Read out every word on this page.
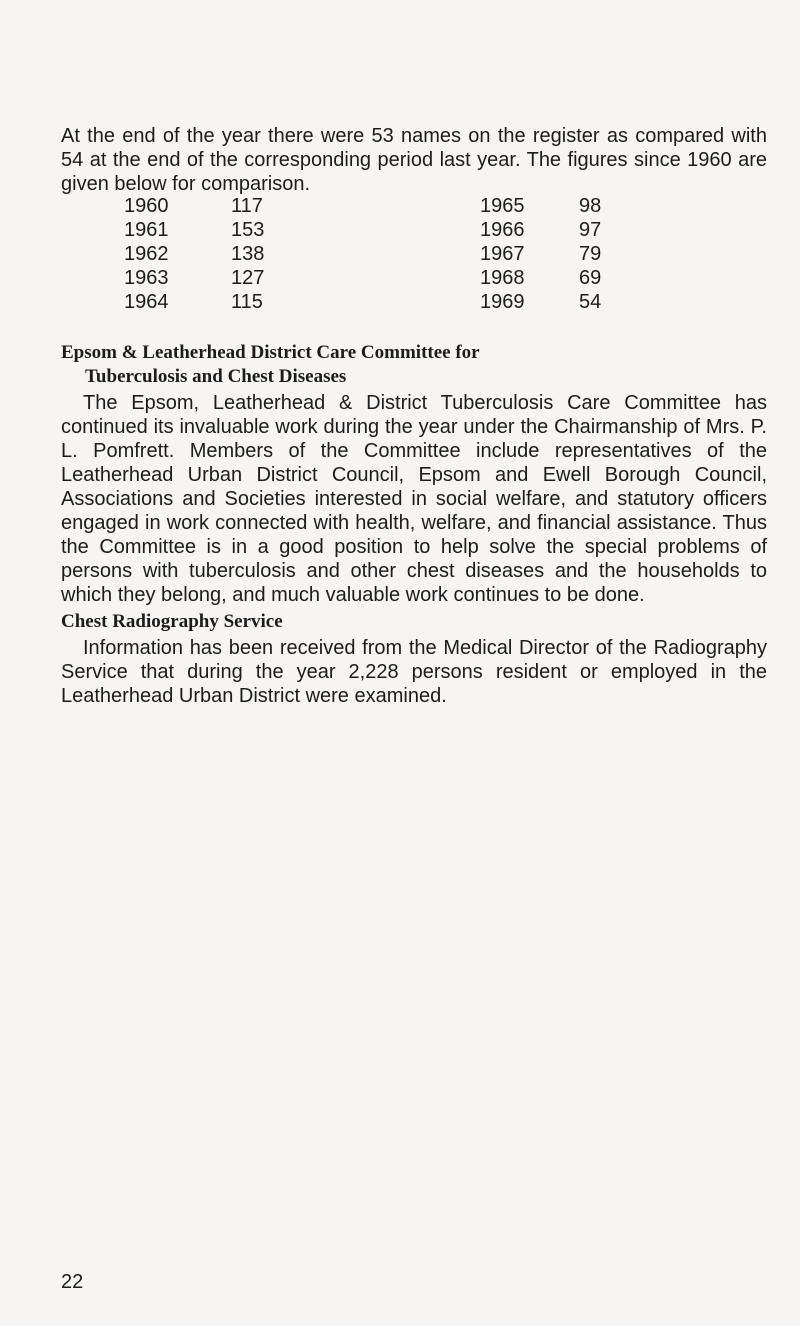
At the end of the year there were 53 names on the register as compared with 54 at the end of the corresponding period last year. The figures since 1960 are given below for comparison.

1960	117	1965	98
1961	153	1966	97
1962	138	1967	79
1963	127	1968	69
1964	115	1969	54
Epsom & Leatherhead District Care Committee for
Tuberculosis and Chest Diseases

The Epsom, Leatherhead & District Tuberculosis Care Committee has continued its invaluable work during the year under the Chairmanship of Mrs. P. L. Pomfrett. Members of the Committee include representatives of the Leatherhead Urban District Council, Epsom and Ewell Borough Council, Associations and Societies interested in social welfare, and statutory officers engaged in work connected with health, welfare, and financial assistance. Thus the Committee is in a good position to help solve the special problems of persons with tuberculosis and other chest diseases and the households to which they belong, and much valuable work continues to be done.

Chest Radiography Service

Information has been received from the Medical Director of the Radiography Service that during the year 2,228 persons resident or employed in the Leatherhead Urban District were examined.

22
